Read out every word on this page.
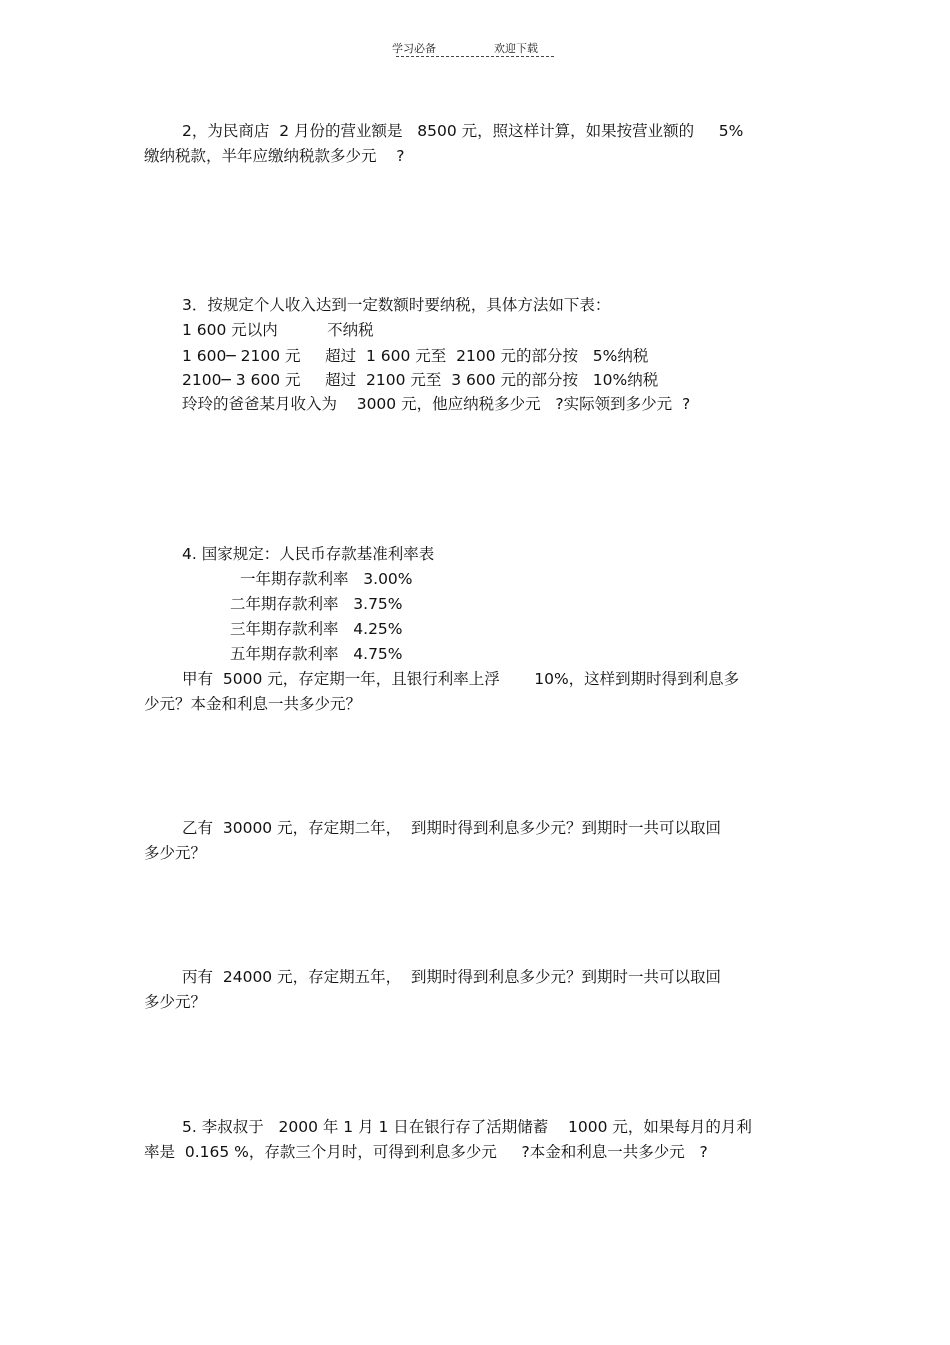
学习必备	欢迎下载

2，为民商店  2 月份的营业额是   8500 元，照这样计算，如果按营业额的     5%

缴纳税款，半年应缴纳税款多少元    ?

3．按规定个人收入达到一定数额时要纳税，具体方法如下表：

1 600 元以内          不纳税

1 600─ 2100 元     超过  1 600 元至  2100 元的部分按   5%纳税

2100─ 3 600 元     超过  2100 元至  3 600 元的部分按   10%纳税

玲玲的爸爸某月收入为    3000 元，他应纳税多少元   ?实际领到多少元  ?

4. 国家规定：人民币存款基准利率表

一年期存款利率   3.00%

二年期存款利率   3.75%

三年期存款利率   4.25%

五年期存款利率   4.75%

甲有  5000 元，存定期一年，且银行利率上浮       10%，这样到期时得到利息多

少元？本金和利息一共多少元？

乙有  30000 元，存定期二年，  到期时得到利息多少元？到期时一共可以取回

多少元？

丙有  24000 元，存定期五年，  到期时得到利息多少元？到期时一共可以取回

多少元？

5. 李叔叔于   2000 年 1 月 1 日在银行存了活期储蓄    1000 元，如果每月的月利

率是  0.165 %，存款三个月时，可得到利息多少元     ?本金和利息一共多少元   ?
